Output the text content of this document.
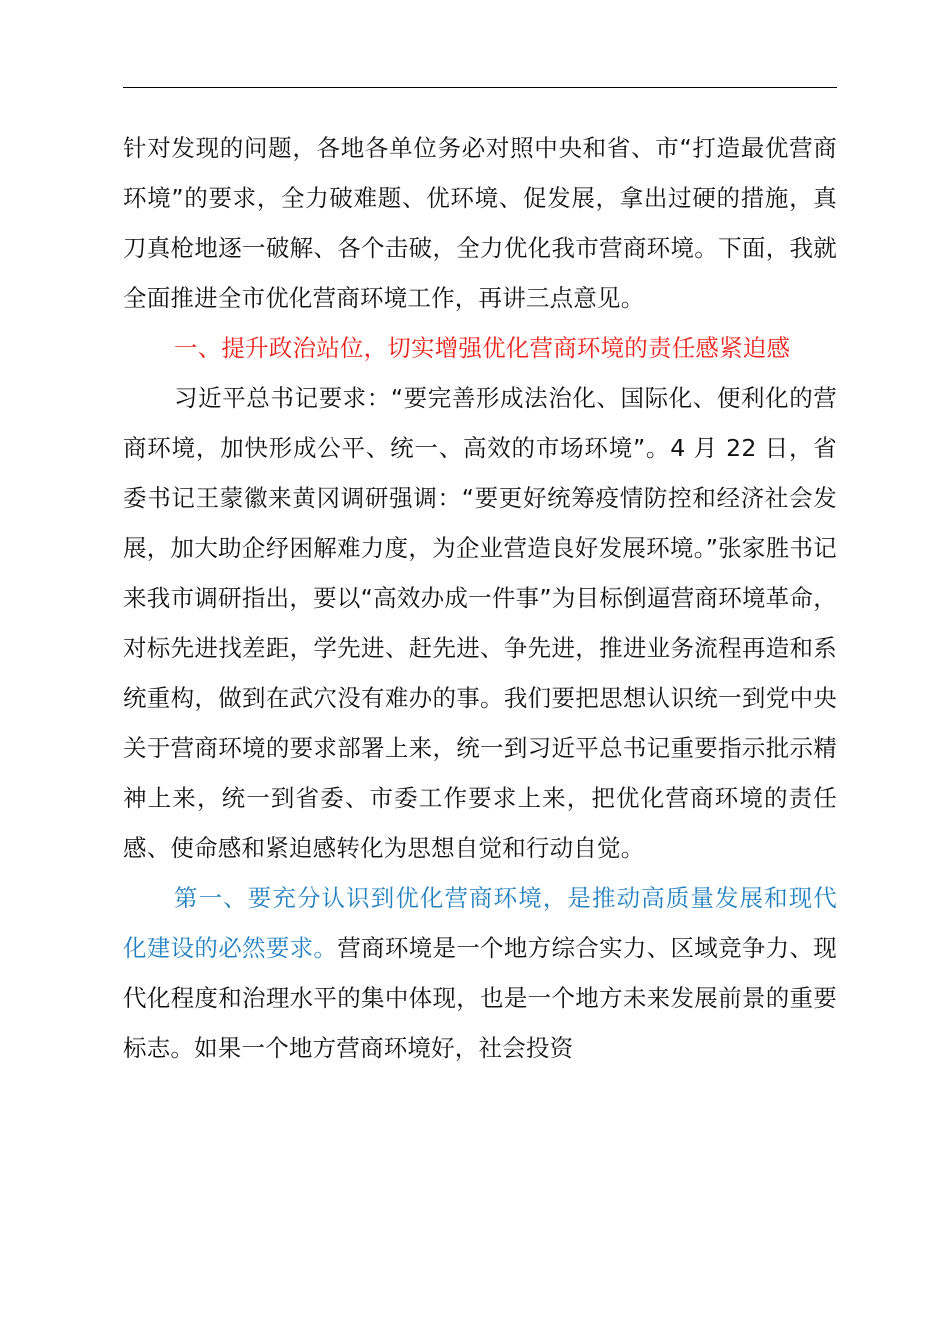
针对发现的问题，各地各单位务必对照中央和省、市“打造最优营商环境”的要求，全力破难题、优环境、促发展，拿出过硬的措施，真刀真枪地逐一破解、各个击破，全力优化我市营商环境。下面，我就全面推进全市优化营商环境工作，再讲三点意见。

一、提升政治站位，切实增强优化营商环境的责任感紧迫感

习近平总书记要求：“要完善形成法治化、国际化、便利化的营商环境，加快形成公平、统一、高效的市场环境”。4 月 22 日，省委书记王蒙徽来黄冈调研强调：“要更好统筹疫情防控和经济社会发展，加大助企纾困解难力度，为企业营造良好发展环境。”张家胜书记来我市调研指出，要以“高效办成一件事”为目标倒逼营商环境革命，对标先进找差距，学先进、赶先进、争先进，推进业务流程再造和系统重构，做到在武穴没有难办的事。我们要把思想认识统一到党中央关于营商环境的要求部署上来，统一到习近平总书记重要指示批示精神上来，统一到省委、市委工作要求上来，把优化营商环境的责任感、使命感和紧迫感转化为思想自觉和行动自觉。

第一、要充分认识到优化营商环境，是推动高质量发展和现代化建设的必然要求。营商环境是一个地方综合实力、区域竞争力、现代化程度和治理水平的集中体现，也是一个地方未来发展前景的重要标志。如果一个地方营商环境好，社会投资
